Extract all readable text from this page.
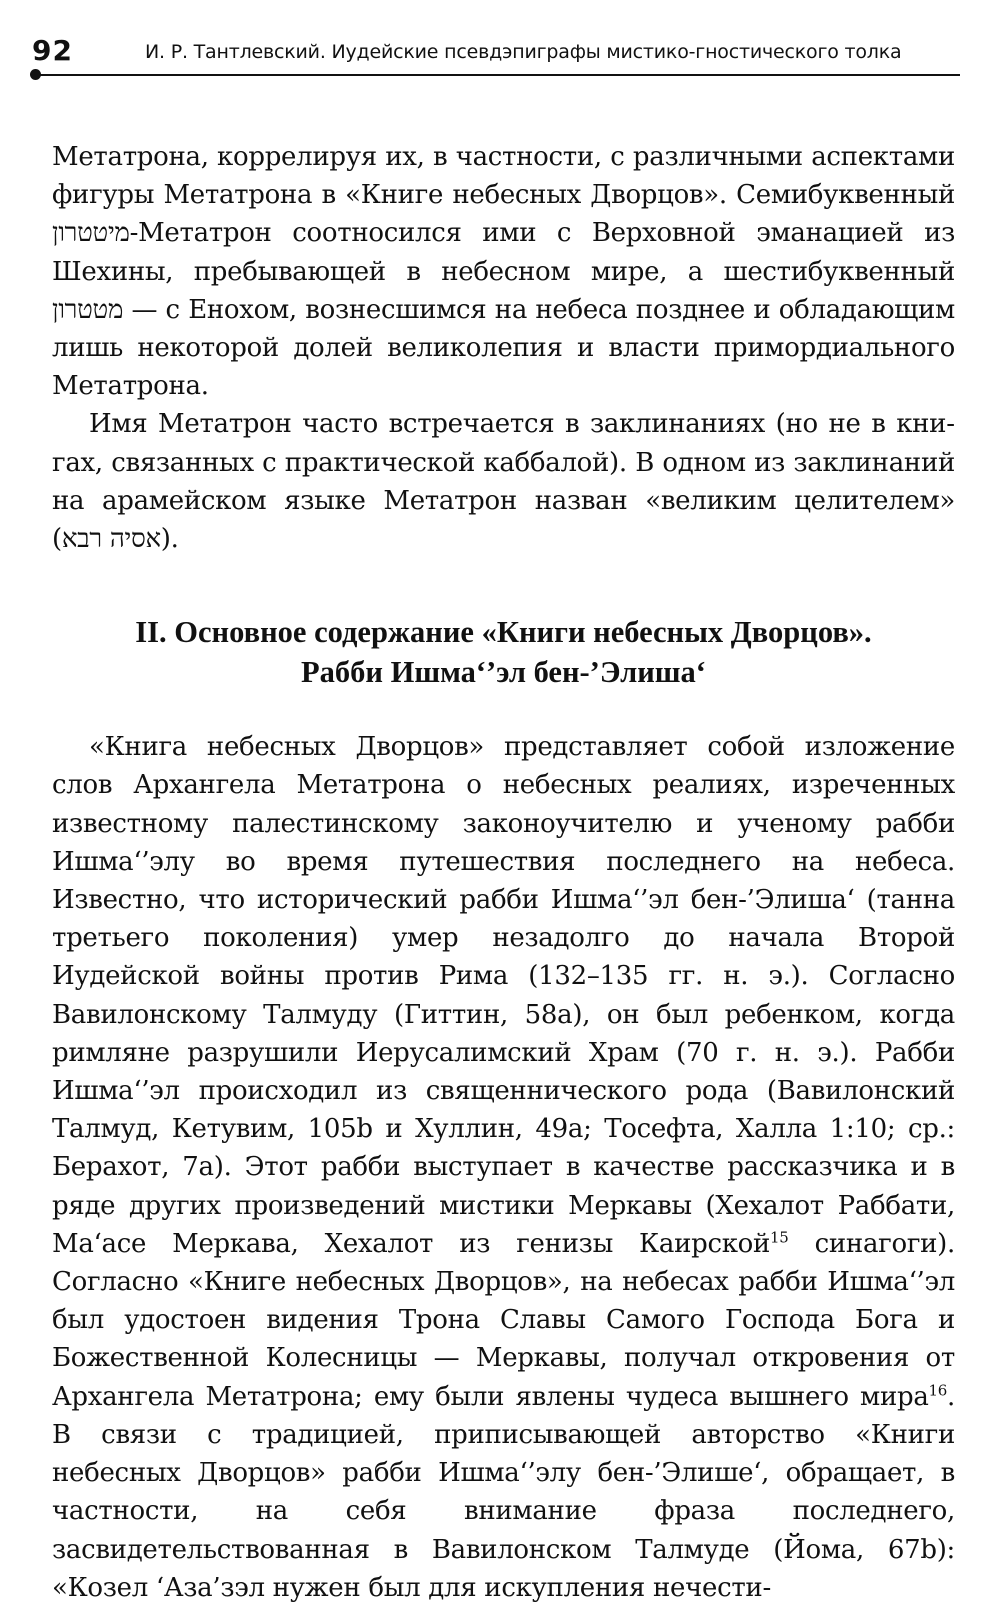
92	И. Р. Тантлевский. Иудейские псевдэпиграфы мистико-гностического толка

Метатрона, коррелируя их, в частности, с различными аспектами фигуры Метатрона в «Книге небесных Дворцов». Семибуквенный מיטטרון-Метатрон соотносился ими с Верховной эманацией из Шехины, пребывающей в небесном мире, а шестибуквенный מטטרון — с Енохом, вознесшимся на небеса позднее и обладающим лишь некоторой долей великолепия и власти примордиального Метатрона.

Имя Метатрон часто встречается в заклинаниях (но не в книгах, связанных с практической каббалой). В одном из заклинаний на арамейском языке Метатрон назван «великим целителем» (אסיה רבא).

II. Основное содержание «Книги небесных Дворцов».
Рабби Ишма‘’эл бен-’Элиша‘

«Книга небесных Дворцов» представляет собой изложение слов Архангела Метатрона о небесных реалиях, изреченных известному палестинскому законоучителю и ученому рабби Ишма‘’элу во время путешествия последнего на небеса. Известно, что исторический рабби Ишма‘’эл бен-’Элиша‘ (танна третьего поколения) умер незадолго до начала Второй Иудейской войны против Рима (132–135 гг. н. э.). Согласно Вавилонскому Талмуду (Гиттин, 58а), он был ребенком, когда римляне разрушили Иерусалимский Храм (70 г. н. э.). Рабби Ишма‘’эл происходил из священнического рода (Вавилонский Талмуд, Кетувим, 105b и Хуллин, 49а; Тосефта, Халла 1:10; ср.: Берахот, 7а). Этот рабби выступает в качестве рассказчика и в ряде других произведений мистики Меркавы (Хехалот Раббати, Ма‘асе Меркава, Хехалот из генизы Каирской$^{15}$ синагоги). Согласно «Книге небесных Дворцов», на небесах рабби Ишма‘’эл был удостоен видения Трона Славы Самого Господа Бога и Божественной Колесницы — Меркавы, получал откровения от Архангела Метатрона; ему были явлены чудеса вышнего мира$^{16}$. В связи с традицией, приписывающей авторство «Книги небесных Дворцов» рабби Ишма‘’элу бен-’Элише‘, обращает, в частности, на себя внимание фраза последнего, засвидетельствованная в Вавилонском Талмуде (Йома, 67b): «Козел ‘Аза’зэл нужен был для искупления нечести-
